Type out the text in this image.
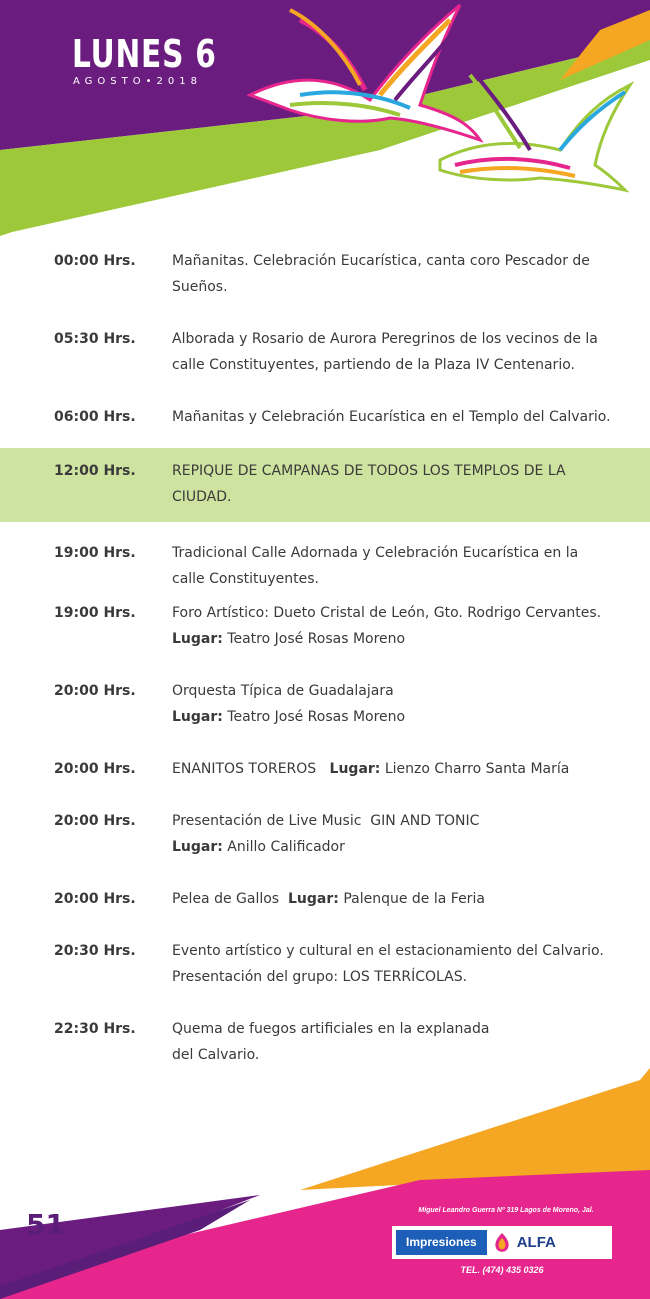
LUNES 6
AGOSTO•2018
00:00 Hrs.	Mañanitas. Celebración Eucarística, canta coro Pescador de
Sueños.
05:30 Hrs.	Alborada y Rosario de Aurora Peregrinos de los vecinos de la
calle Constituyentes, partiendo de la Plaza IV Centenario.
06:00 Hrs.	Mañanitas y Celebración Eucarística en el Templo del Calvario.
12:00 Hrs.	REPIQUE DE CAMPANAS DE TODOS LOS TEMPLOS DE LA
CIUDAD.
19:00 Hrs.	Tradicional Calle Adornada y Celebración Eucarística en la
calle Constituyentes.
19:00 Hrs.	Foro Artístico: Dueto Cristal de León, Gto. Rodrigo Cervantes.
Lugar: Teatro José Rosas Moreno
20:00 Hrs.	Orquesta Típica de Guadalajara
Lugar: Teatro José Rosas Moreno
20:00 Hrs.	ENANITOS TOREROS   Lugar: Lienzo Charro Santa María
20:00 Hrs.	Presentación de Live Music  GIN AND TONIC
Lugar: Anillo Calificador
20:00 Hrs.	Pelea de Gallos  Lugar: Palenque de la Feria
20:30 Hrs.	Evento artístico y cultural en el estacionamiento del Calvario.
Presentación del grupo: LOS TERRÍCOLAS.
22:30 Hrs.	Quema de fuegos artificiales en la explanada
del Calvario.
51	Miguel Leandro Guerra Nº 319 Lagos de Moreno, Jal.
Impresiones	ALFA
TEL. (474) 435 0326
